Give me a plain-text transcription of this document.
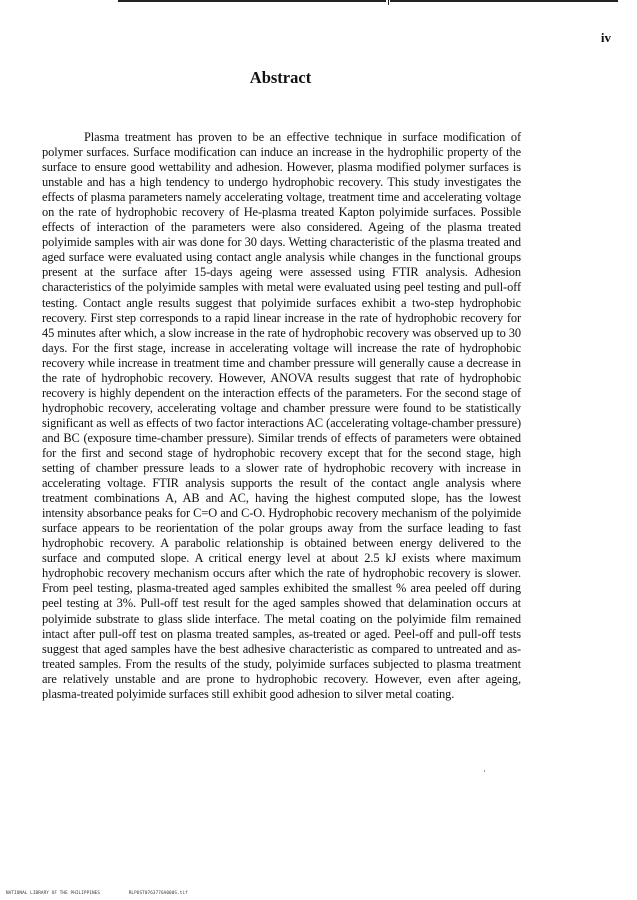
iv
Abstract

Plasma treatment has proven to be an effective technique in surface modification of polymer surfaces. Surface modification can induce an increase in the hydrophilic property of the surface to ensure good wettability and adhesion. However, plasma modified polymer surfaces is unstable and has a high tendency to undergo hydrophobic recovery. This study investigates the effects of plasma parameters namely accelerating voltage, treatment time and accelerating voltage on the rate of hydrophobic recovery of He-plasma treated Kapton polyimide surfaces. Possible effects of interaction of the parameters were also considered. Ageing of the plasma treated polyimide samples with air was done for 30 days. Wetting characteristic of the plasma treated and aged surface were evaluated using contact angle analysis while changes in the functional groups present at the surface after 15-days ageing were assessed using FTIR analysis. Adhesion characteristics of the polyimide samples with metal were evaluated using peel testing and pull-off testing. Contact angle results suggest that polyimide surfaces exhibit a two-step hydrophobic recovery. First step corresponds to a rapid linear increase in the rate of hydrophobic recovery for 45 minutes after which, a slow increase in the rate of hydrophobic recovery was observed up to 30 days. For the first stage, increase in accelerating voltage will increase the rate of hydrophobic recovery while increase in treatment time and chamber pressure will generally cause a decrease in the rate of hydrophobic recovery. However, ANOVA results suggest that rate of hydrophobic recovery is highly dependent on the interaction effects of the parameters. For the second stage of hydrophobic recovery, accelerating voltage and chamber pressure were found to be statistically significant as well as effects of two factor interactions AC (accelerating voltage-chamber pressure) and BC (exposure time-chamber pressure). Similar trends of effects of parameters were obtained for the first and second stage of hydrophobic recovery except that for the second stage, high setting of chamber pressure leads to a slower rate of hydrophobic recovery with increase in accelerating voltage. FTIR analysis supports the result of the contact angle analysis where treatment combinations A, AB and AC, having the highest computed slope, has the lowest intensity absorbance peaks for C=O and C-O. Hydrophobic recovery mechanism of the polyimide surface appears to be reorientation of the polar groups away from the surface leading to fast hydrophobic recovery. A parabolic relationship is obtained between energy delivered to the surface and computed slope. A critical energy level at about 2.5 kJ exists where maximum hydrophobic recovery mechanism occurs after which the rate of hydrophobic recovery is slower. From peel testing, plasma-treated aged samples exhibited the smallest % area peeled off during peel testing at 3%. Pull-off test result for the aged samples showed that delamination occurs at polyimide substrate to glass slide interface. The metal coating on the polyimide film remained intact after pull-off test on plasma treated samples, as-treated or aged. Peel-off and pull-off tests suggest that aged samples have the best adhesive characteristic as compared to untreated and as-treated samples. From the results of the study, polyimide surfaces subjected to plasma treatment are relatively unstable and are prone to hydrophobic recovery. However, even after ageing, plasma-treated polyimide surfaces still exhibit good adhesion to silver metal coating.

NATIONAL LIBRARY OF THE PHILIPPINES	RLPOST0763776A000S.tif
